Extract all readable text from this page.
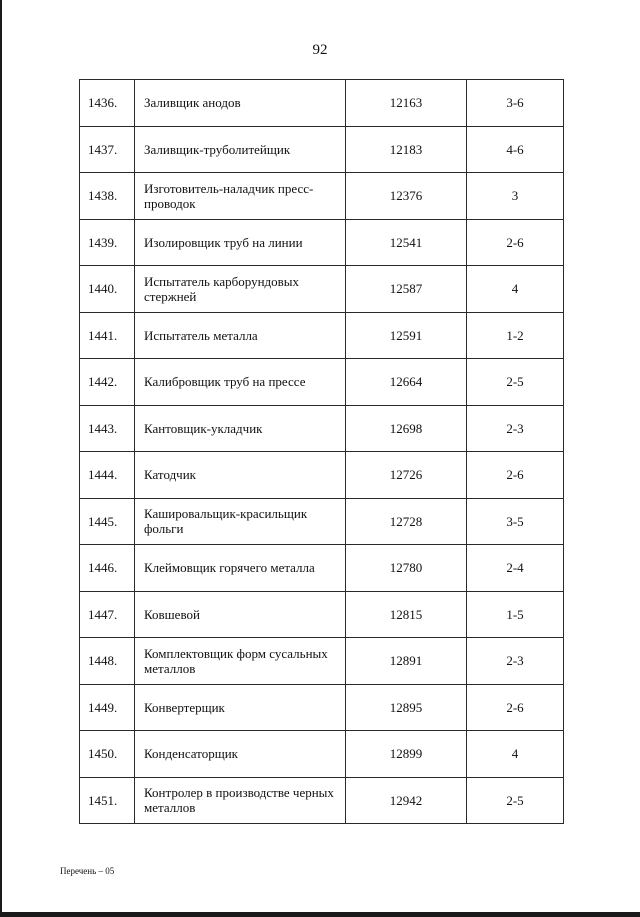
92
1436.	Заливщик анодов	12163	3-6
1437.	Заливщик-труболитейщик	12183	4-6
1438.	Изготовитель-наладчик пресс-проводок	12376	3
1439.	Изолировщик труб на линии	12541	2-6
1440.	Испытатель карборундовых стержней	12587	4
1441.	Испытатель металла	12591	1-2
1442.	Калибровщик труб на прессе	12664	2-5
1443.	Кантовщик-укладчик	12698	2-3
1444.	Катодчик	12726	2-6
1445.	Кашировальщик-красильщик фольги	12728	3-5
1446.	Клеймовщик горячего металла	12780	2-4
1447.	Ковшевой	12815	1-5
1448.	Комплектовщик форм сусальных металлов	12891	2-3
1449.	Конвертерщик	12895	2-6
1450.	Конденсаторщик	12899	4
1451.	Контролер в производстве черных металлов	12942	2-5
Перечень – 05
